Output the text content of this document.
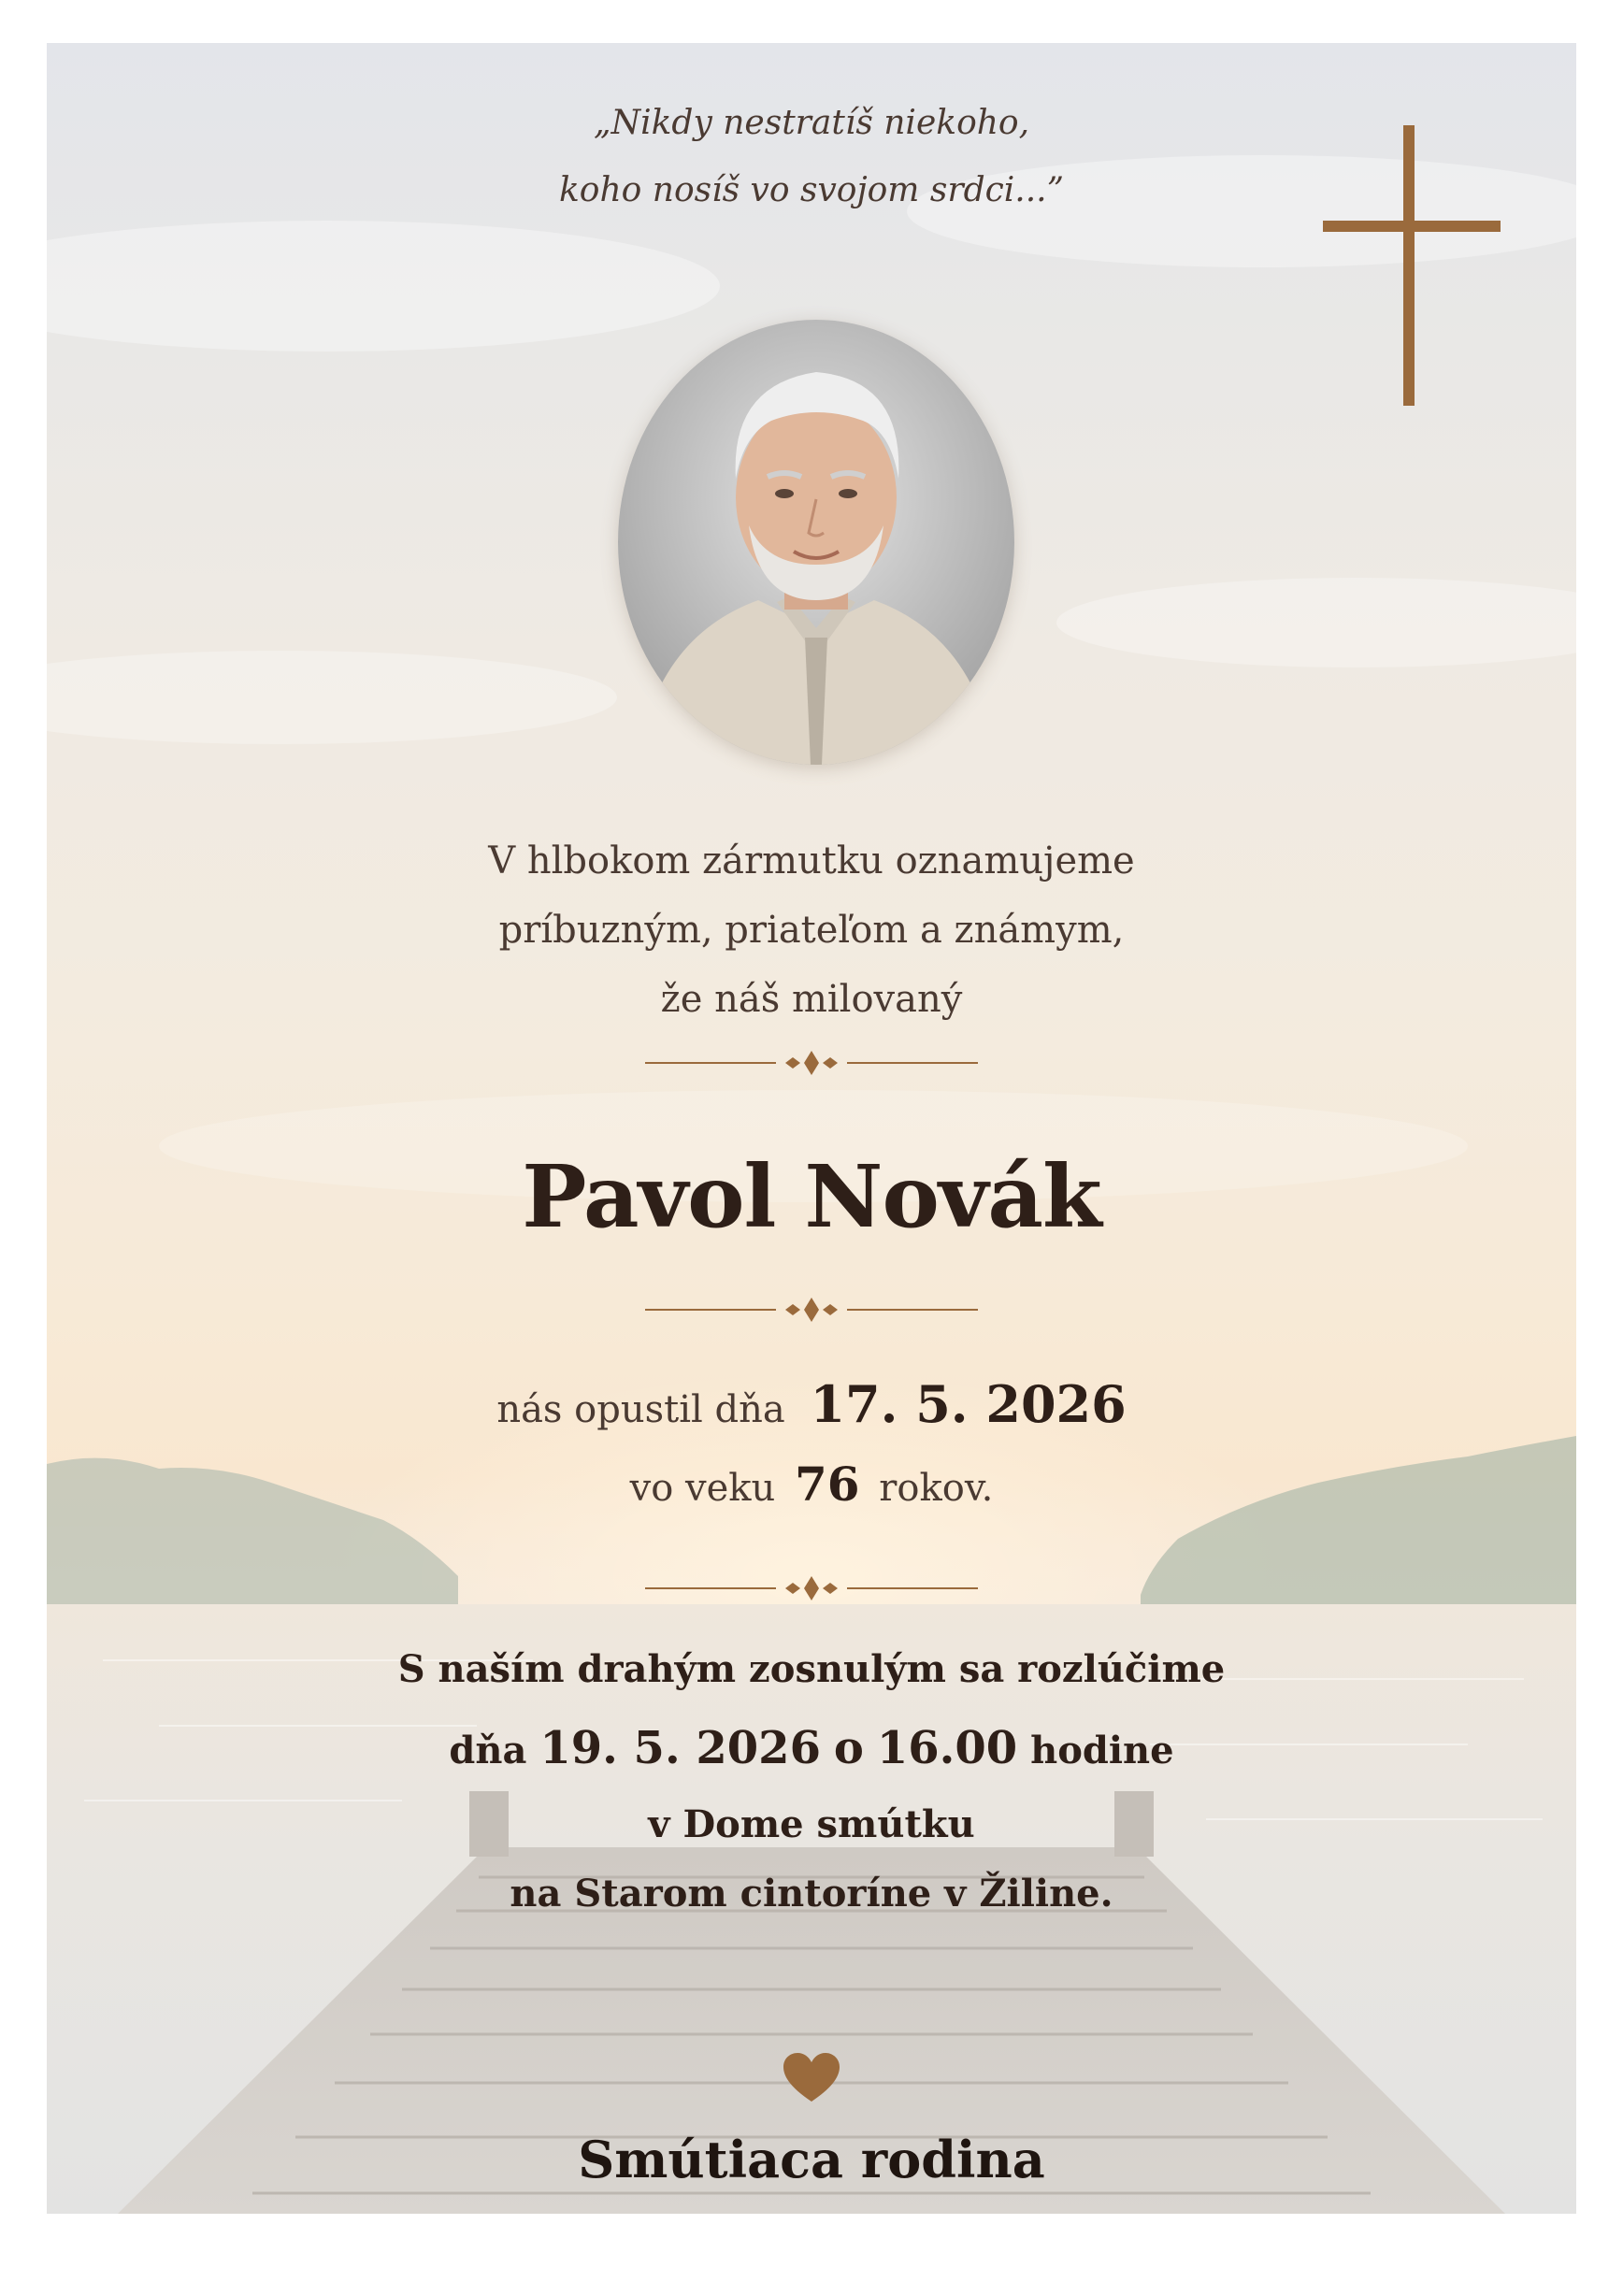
„Nikdy nestratíš niekoho,
koho nosíš vo svojom srdci...”
V hlbokom zármutku oznamujeme
príbuzným, priateľom a známym,
že náš milovaný
Pavol Novák
nás opustil dňa 17. 5. 2026
vo veku 76 rokov.
S naším drahým zosnulým sa rozlúčime
dňa 19. 5. 2026 o 16.00 hodine
v Dome smútku
na Starom cintoríne v Žiline.
Smútiaca rodina
